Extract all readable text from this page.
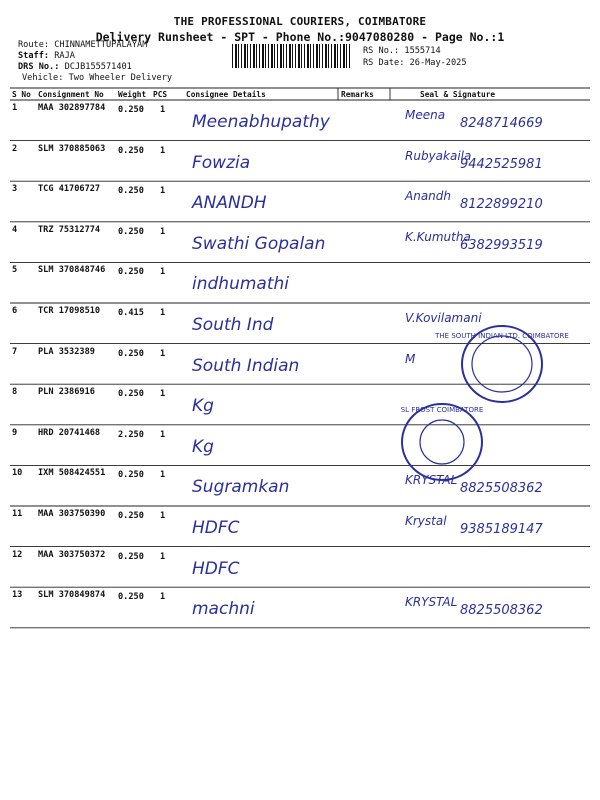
THE PROFESSIONAL COURIERS, COIMBATORE
Delivery Runsheet - SPT - Phone No.:9047080280 - Page No.:1
Route: CHINNAMETTUPALAYAM
Staff: RAJA
DRS No.: DCJB155571401
Vehicle: Two Wheeler Delivery
RS No.: 1555714
RS Date: 26-May-2025
S No Consignment No Weight PCS Consignee Details	Remarks	Seal & Signature
1 MAA 302897784 0.250 1
Meenabhupathy	Meena
8248714669
2 SLM 370885063 0.250 1
Fowzia	Rubyakaila
9442525981
3 TCG 41706727 0.250 1
ANANDH	Anandh
8122899210
4 TRZ 75312774 0.250 1
Swathi Gopalan	K.Kumutha
6382993519
5 SLM 370848746 0.250 1
indhumathi
6 TCR 17098510 0.415 1
South Ind	V.Kovilamani
7 PLA 3532389	0.250 1
South Indian	M
8 PLN 2386916	0.250 1
Kg
9 HRD 20741468 2.250 1
Kg
10 IXM 508424551 0.250 1
Sugramkan	KRYSTAL
8825508362
11 MAA 303750390 0.250 1
HDFC	Krystal
9385189147
12 MAA 303750372 0.250 1
HDFC
13 SLM 370849874 0.250 1
machni	KRYSTAL
8825508362
THE SOUTH INDIAN LTD. COIMBATORE
SL FROST COIMBATORE
